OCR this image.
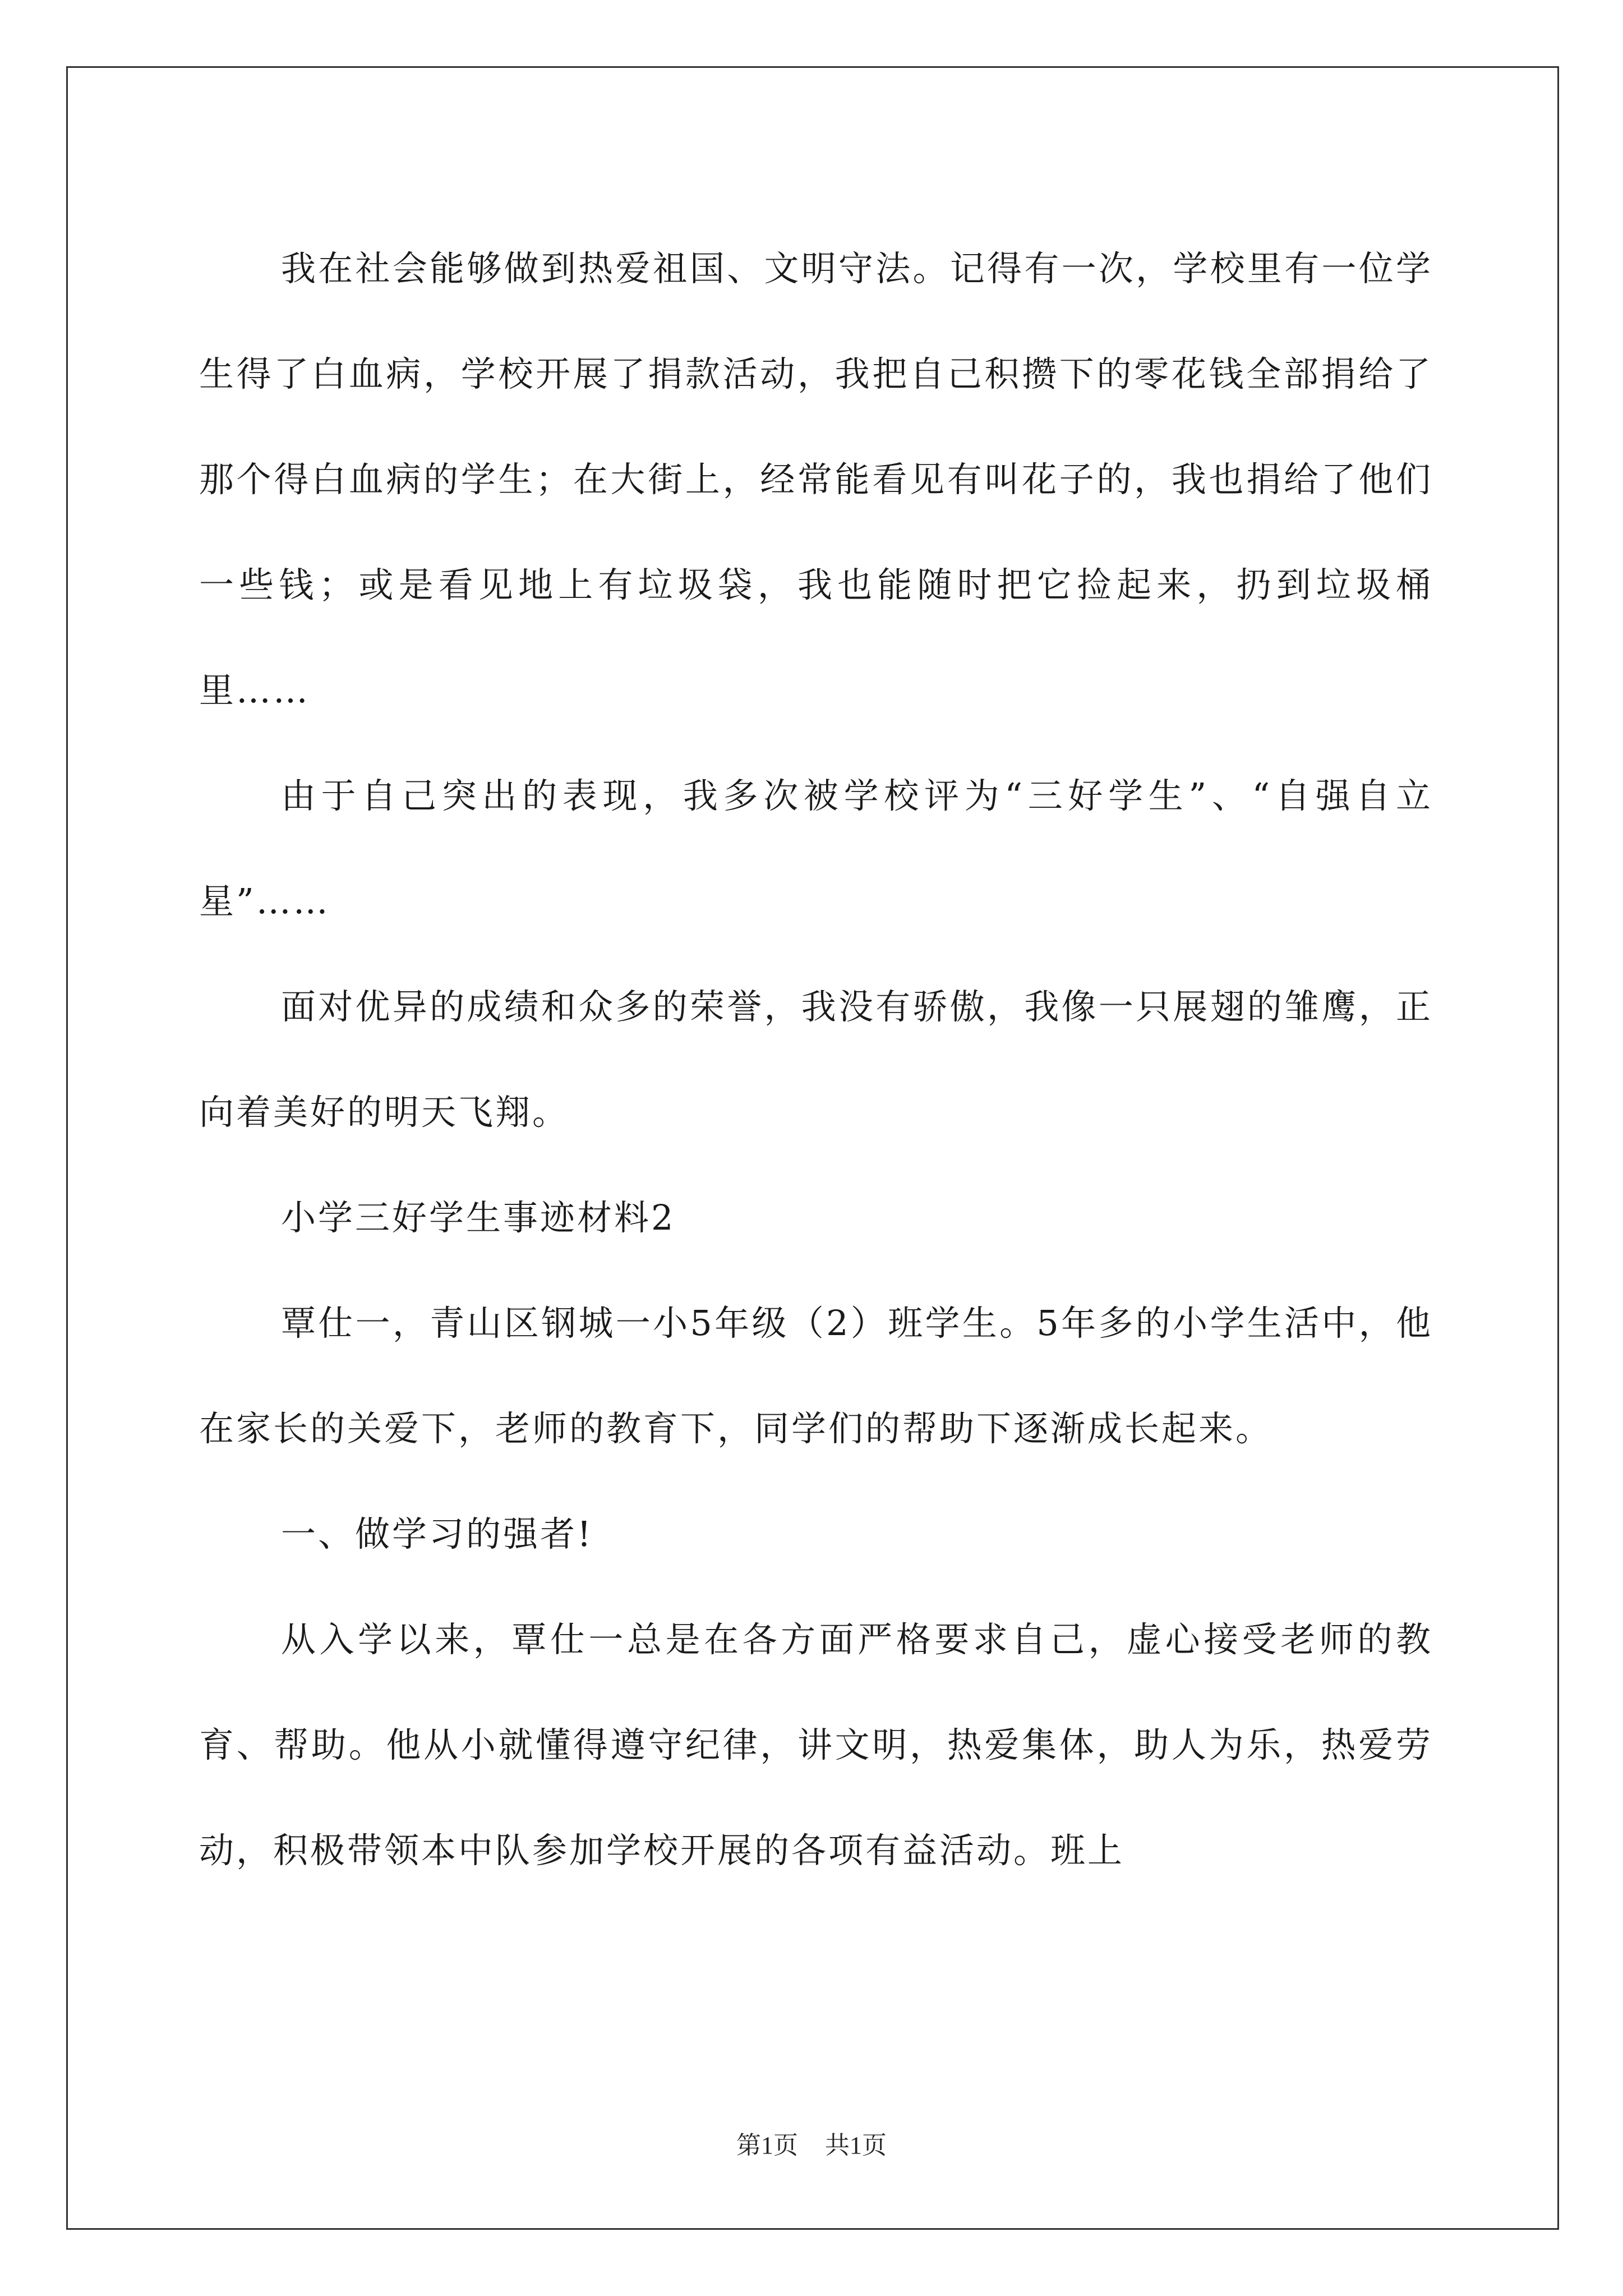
我在社会能够做到热爱祖国、文明守法。记得有一次，学校里有一位学生得了白血病，学校开展了捐款活动，我把自己积攒下的零花钱全部捐给了那个得白血病的学生；在大街上，经常能看见有叫花子的，我也捐给了他们一些钱；或是看见地上有垃圾袋，我也能随时把它捡起来，扔到垃圾桶里……

由于自己突出的表现，我多次被学校评为“三好学生”、“自强自立星”……

面对优异的成绩和众多的荣誉，我没有骄傲，我像一只展翅的雏鹰，正向着美好的明天飞翔。

小学三好学生事迹材料2

覃仕一，青山区钢城一小5年级（2）班学生。5年多的小学生活中，他在家长的关爱下，老师的教育下，同学们的帮助下逐渐成长起来。

一、做学习的强者!

从入学以来，覃仕一总是在各方面严格要求自己，虚心接受老师的教育、帮助。他从小就懂得遵守纪律，讲文明，热爱集体，助人为乐，热爱劳动，积极带领本中队参加学校开展的各项有益活动。班上

第1页 共1页
